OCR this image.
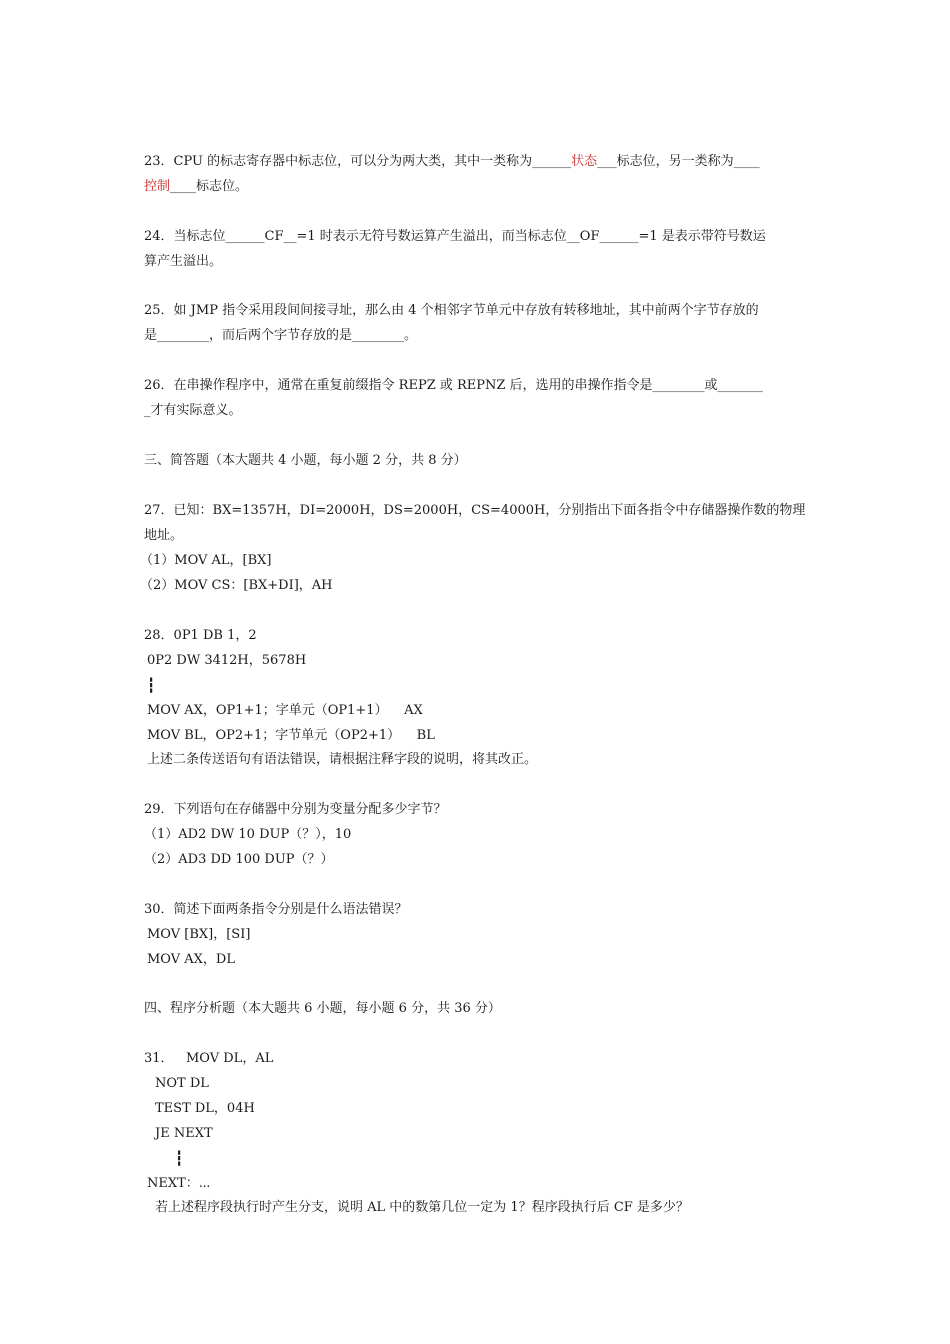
23．CPU 的标志寄存器中标志位，可以分为两大类，其中一类称为______状态___标志位，另一类称为____
控制____标志位。
24．当标志位______CF__=1 时表示无符号数运算产生溢出，而当标志位__OF______=1 是表示带符号数运
算产生溢出。
25．如 JMP 指令采用段间间接寻址，那么由 4 个相邻字节单元中存放有转移地址，其中前两个字节存放的
是________，而后两个字节存放的是________。
26．在串操作程序中，通常在重复前缀指令 REPZ 或 REPNZ 后，选用的串操作指令是________或_______
_才有实际意义。
三、简答题（本大题共 4 小题，每小题 2 分，共 8 分）
27．已知：BX=1357H，DI=2000H，DS=2000H，CS=4000H，分别指出下面各指令中存储器操作数的物理
地址。
（1）MOV AL，[BX]
（2）MOV CS：[BX+DI]，AH
28．0P1 DB 1，2
0P2 DW 3412H，5678H
┇
MOV AX，OP1+1；字单元（OP1+1）    AX
MOV BL，OP2+1；字节单元（OP2+1）    BL
上述二条传送语句有语法错误，请根据注释字段的说明，将其改正。
29．下列语句在存储器中分别为变量分配多少字节？
（1）AD2 DW 10 DUP（？），10
（2）AD3 DD 100 DUP（？）
30．简述下面两条指令分别是什么语法错误？
MOV [BX]，[SI]
MOV AX，DL
四、程序分析题（本大题共 6 小题，每小题 6 分，共 36 分）
31． MOV DL，AL
NOT DL
TEST DL，04H
JE NEXT
┇
NEXT：⋯
若上述程序段执行时产生分支，说明 AL 中的数第几位一定为 1？程序段执行后 CF 是多少？
